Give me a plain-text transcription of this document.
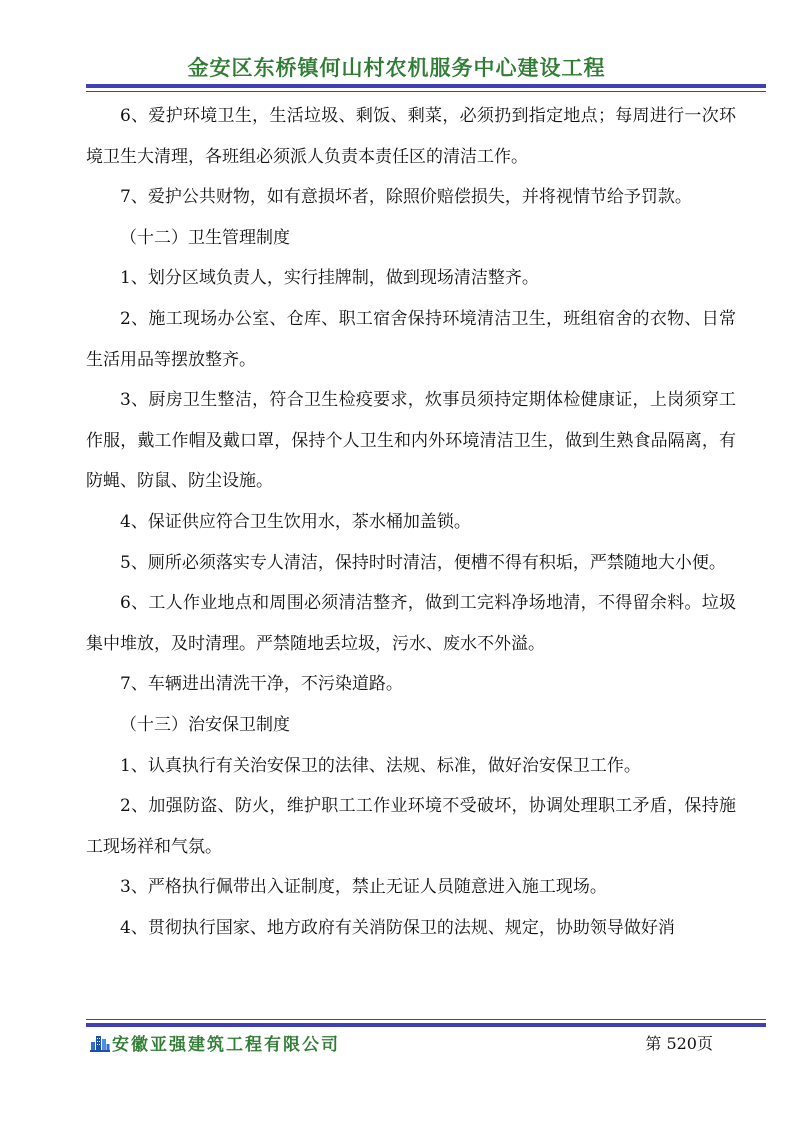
金安区东桥镇何山村农机服务中心建设工程

6、爱护环境卫生，生活垃圾、剩饭、剩菜，必须扔到指定地点；每周进行一次环境卫生大清理，各班组必须派人负责本责任区的清洁工作。

7、爱护公共财物，如有意损坏者，除照价赔偿损失，并将视情节给予罚款。

（十二）卫生管理制度

1、划分区域负责人，实行挂牌制，做到现场清洁整齐。

2、施工现场办公室、仓库、职工宿舍保持环境清洁卫生，班组宿舍的衣物、日常生活用品等摆放整齐。

3、厨房卫生整洁，符合卫生检疫要求，炊事员须持定期体检健康证，上岗须穿工作服，戴工作帽及戴口罩，保持个人卫生和内外环境清洁卫生，做到生熟食品隔离，有防蝇、防鼠、防尘设施。

4、保证供应符合卫生饮用水，茶水桶加盖锁。

5、厕所必须落实专人清洁，保持时时清洁，便槽不得有积垢，严禁随地大小便。

6、工人作业地点和周围必须清洁整齐，做到工完料净场地清，不得留余料。垃圾集中堆放，及时清理。严禁随地丢垃圾，污水、废水不外溢。

7、车辆进出清洗干净，不污染道路。

（十三）治安保卫制度

1、认真执行有关治安保卫的法律、法规、标准，做好治安保卫工作。

2、加强防盗、防火，维护职工工作业环境不受破坏，协调处理职工矛盾，保持施工现场祥和气氛。

3、严格执行佩带出入证制度，禁止无证人员随意进入施工现场。

4、贯彻执行国家、地方政府有关消防保卫的法规、规定，协助领导做好消

安徽亚强建筑工程有限公司	第 520页
